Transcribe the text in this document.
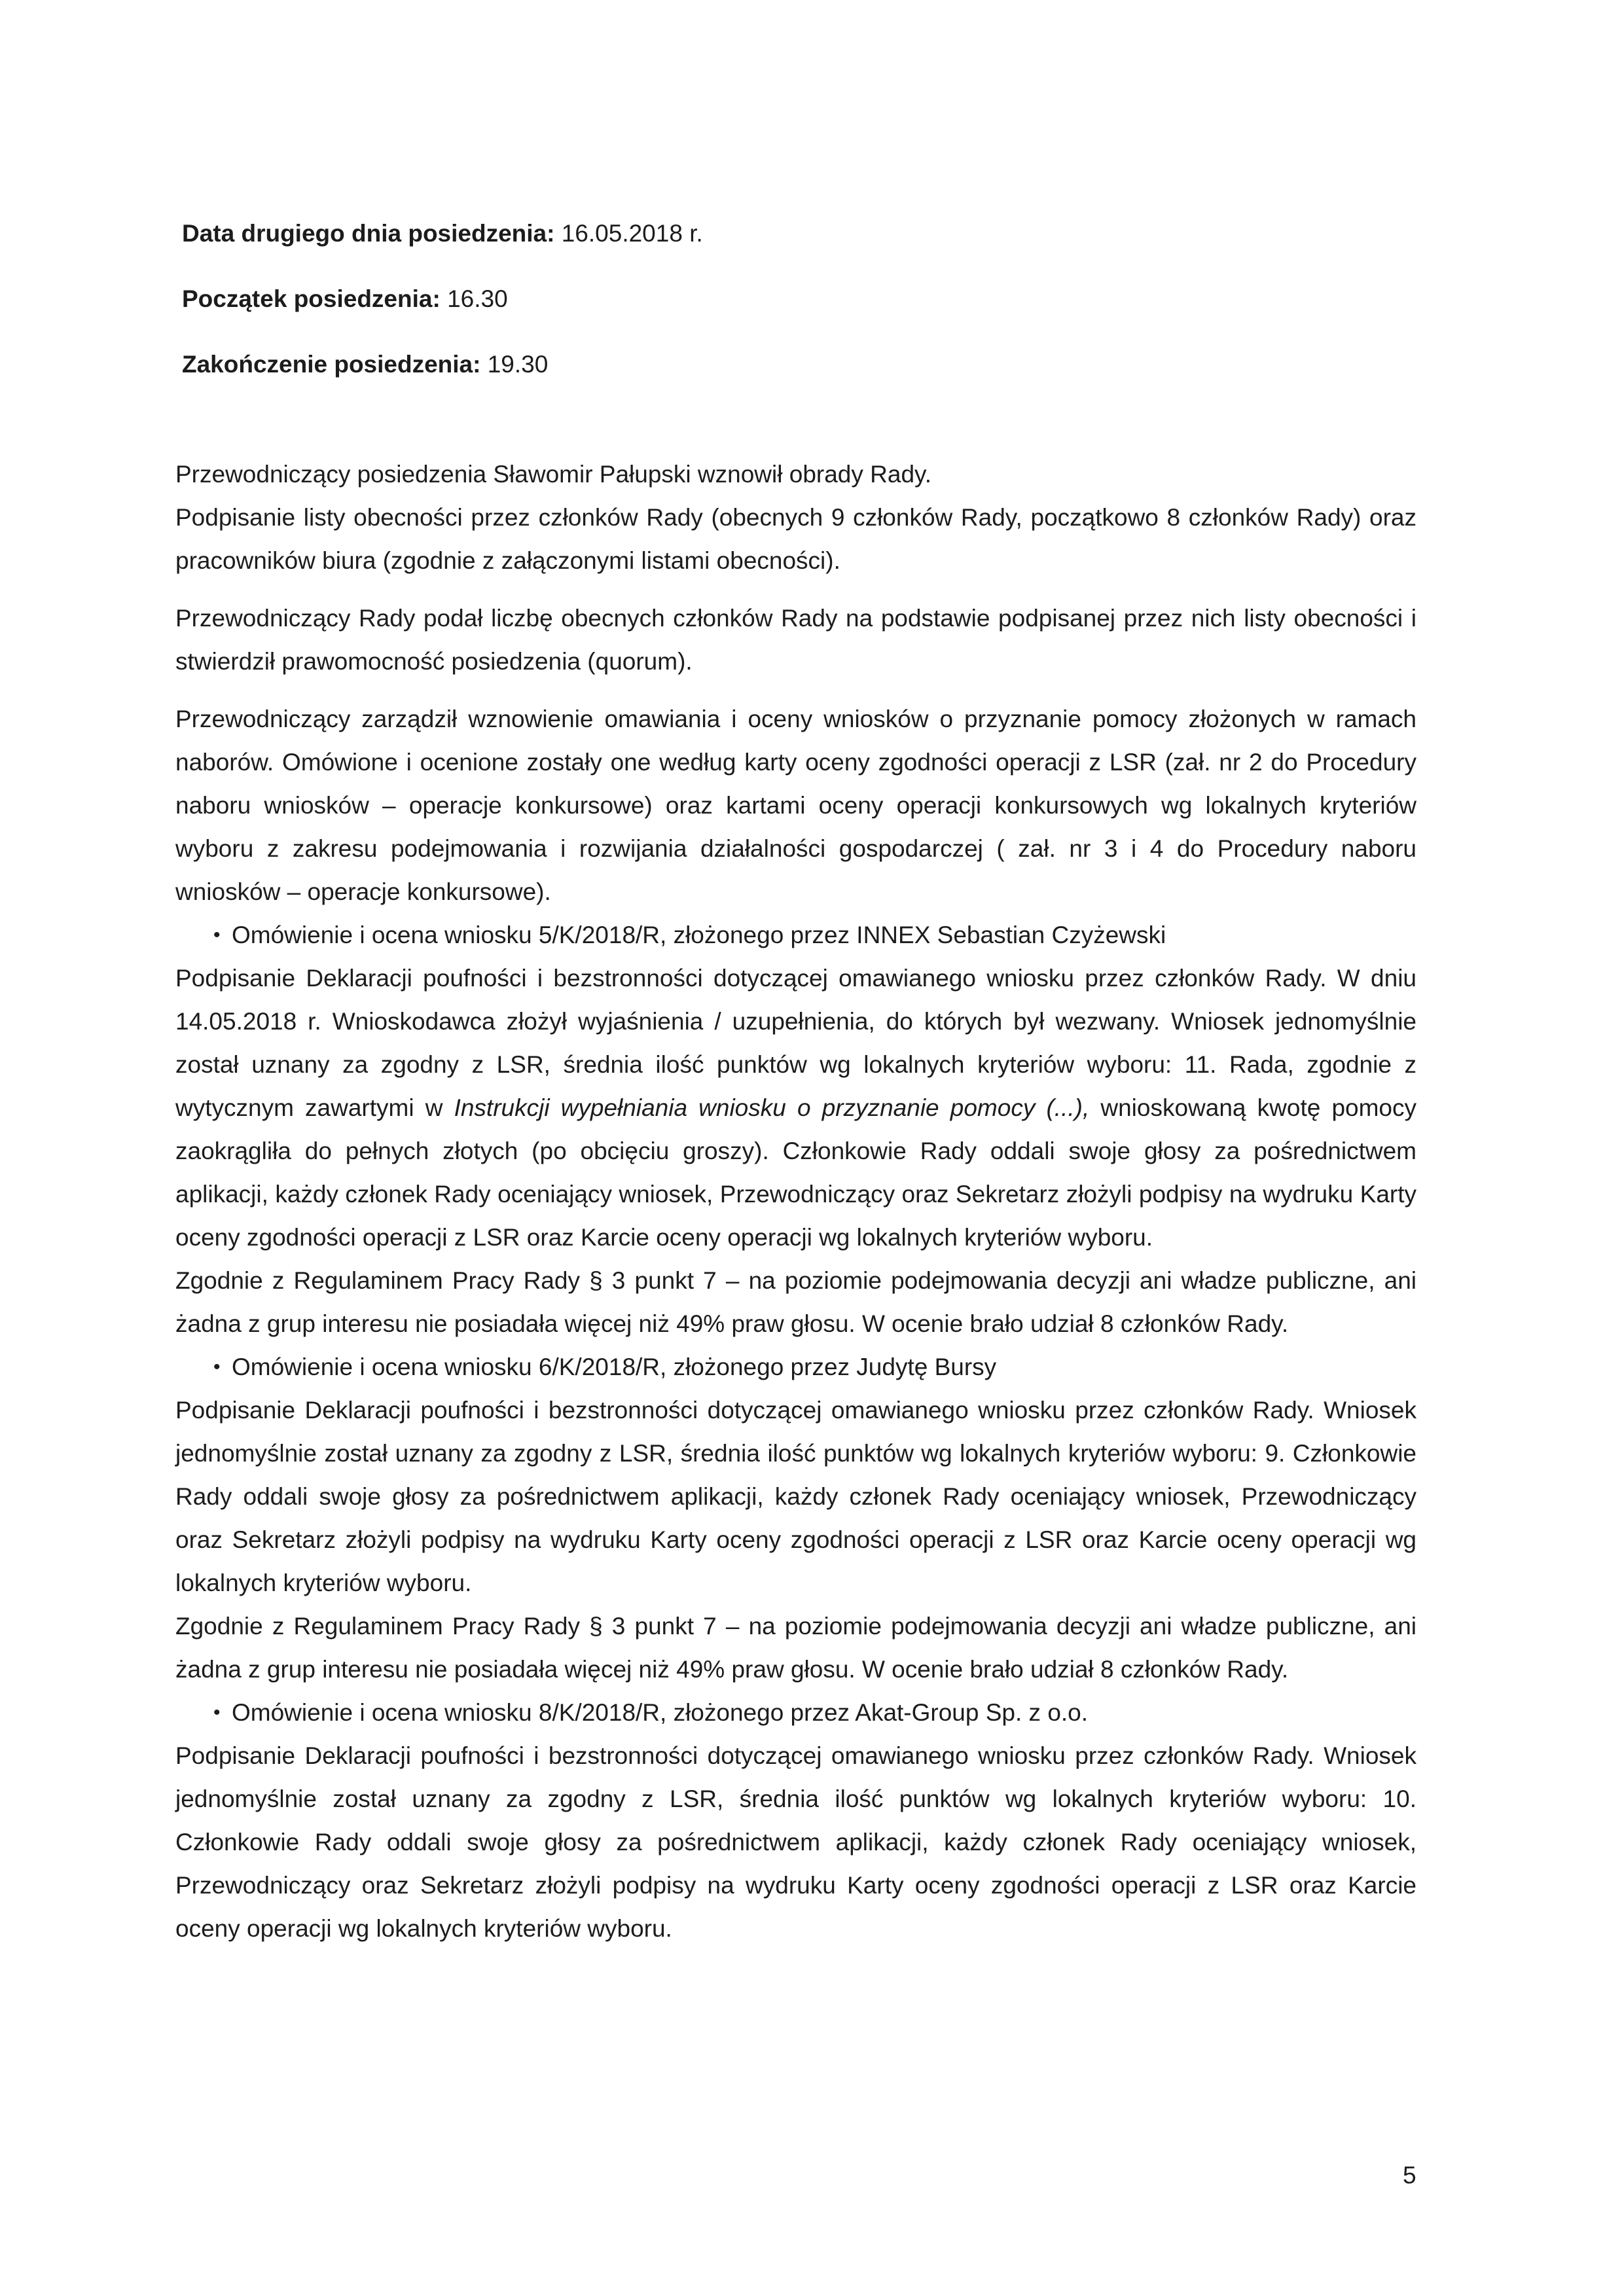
Data drugiego dnia posiedzenia: 16.05.2018 r.
Początek posiedzenia: 16.30
Zakończenie posiedzenia: 19.30

Przewodniczący posiedzenia Sławomir Pałupski wznowił obrady Rady.

Podpisanie listy obecności przez członków Rady (obecnych 9 członków Rady, początkowo 8 członków Rady) oraz pracowników biura (zgodnie z załączonymi listami obecności).

Przewodniczący Rady podał liczbę obecnych członków Rady na podstawie podpisanej przez nich listy obecności i stwierdził prawomocność posiedzenia (quorum).

Przewodniczący zarządził wznowienie omawiania i oceny wniosków o przyznanie pomocy złożonych w ramach naborów. Omówione i ocenione zostały one według karty oceny zgodności operacji z LSR (zał. nr 2 do Procedury naboru wniosków – operacje konkursowe) oraz kartami oceny operacji konkursowych wg lokalnych kryteriów wyboru z zakresu podejmowania i rozwijania działalności gospodarczej ( zał. nr 3 i 4 do Procedury naboru wniosków – operacje konkursowe).

• Omówienie i ocena wniosku 5/K/2018/R, złożonego przez INNEX Sebastian Czyżewski

Podpisanie Deklaracji poufności i bezstronności dotyczącej omawianego wniosku przez członków Rady. W dniu 14.05.2018 r. Wnioskodawca złożył wyjaśnienia / uzupełnienia, do których był wezwany. Wniosek jednomyślnie został uznany za zgodny z LSR, średnia ilość punktów wg lokalnych kryteriów wyboru: 11. Rada, zgodnie z wytycznym zawartymi w Instrukcji wypełniania wniosku o przyznanie pomocy (...), wnioskowaną kwotę pomocy zaokrągliła do pełnych złotych (po obcięciu groszy). Członkowie Rady oddali swoje głosy za pośrednictwem aplikacji, każdy członek Rady oceniający wniosek, Przewodniczący oraz Sekretarz złożyli podpisy na wydruku Karty oceny zgodności operacji z LSR oraz Karcie oceny operacji wg lokalnych kryteriów wyboru.

Zgodnie z Regulaminem Pracy Rady § 3 punkt 7 – na poziomie podejmowania decyzji ani władze publiczne, ani żadna z grup interesu nie posiadała więcej niż 49% praw głosu. W ocenie brało udział 8 członków Rady.

• Omówienie i ocena wniosku 6/K/2018/R, złożonego przez Judytę Bursy

Podpisanie Deklaracji poufności i bezstronności dotyczącej omawianego wniosku przez członków Rady. Wniosek jednomyślnie został uznany za zgodny z LSR, średnia ilość punktów wg lokalnych kryteriów wyboru: 9. Członkowie Rady oddali swoje głosy za pośrednictwem aplikacji, każdy członek Rady oceniający wniosek, Przewodniczący oraz Sekretarz złożyli podpisy na wydruku Karty oceny zgodności operacji z LSR oraz Karcie oceny operacji wg lokalnych kryteriów wyboru.

Zgodnie z Regulaminem Pracy Rady § 3 punkt 7 – na poziomie podejmowania decyzji ani władze publiczne, ani żadna z grup interesu nie posiadała więcej niż 49% praw głosu. W ocenie brało udział 8 członków Rady.

• Omówienie i ocena wniosku 8/K/2018/R, złożonego przez Akat-Group Sp. z o.o.

Podpisanie Deklaracji poufności i bezstronności dotyczącej omawianego wniosku przez członków Rady. Wniosek jednomyślnie został uznany za zgodny z LSR, średnia ilość punktów wg lokalnych kryteriów wyboru: 10. Członkowie Rady oddali swoje głosy za pośrednictwem aplikacji, każdy członek Rady oceniający wniosek, Przewodniczący oraz Sekretarz złożyli podpisy na wydruku Karty oceny zgodności operacji z LSR oraz Karcie oceny operacji wg lokalnych kryteriów wyboru.

5
